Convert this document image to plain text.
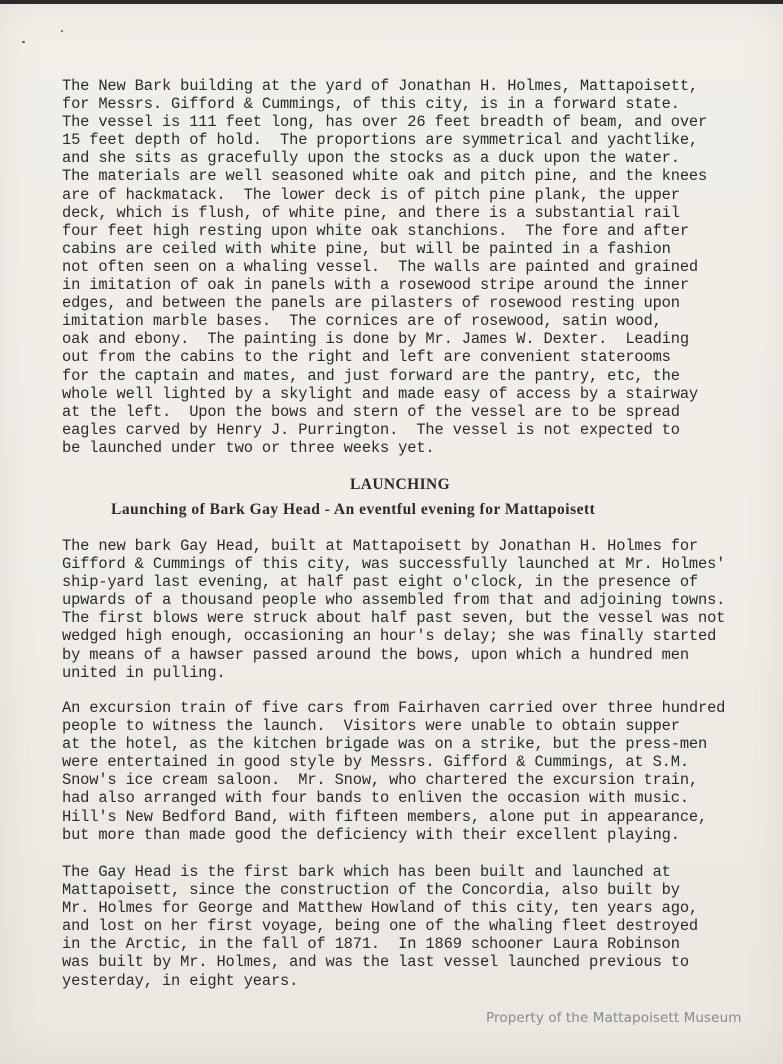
The New Bark building at the yard of Jonathan H. Holmes, Mattapoisett,
for Messrs. Gifford & Cummings, of this city, is in a forward state.
The vessel is 111 feet long, has over 26 feet breadth of beam, and over
15 feet depth of hold.  The proportions are symmetrical and yachtlike,
and she sits as gracefully upon the stocks as a duck upon the water.
The materials are well seasoned white oak and pitch pine, and the knees
are of hackmatack.  The lower deck is of pitch pine plank, the upper
deck, which is flush, of white pine, and there is a substantial rail
four feet high resting upon white oak stanchions.  The fore and after
cabins are ceiled with white pine, but will be painted in a fashion
not often seen on a whaling vessel.  The walls are painted and grained
in imitation of oak in panels with a rosewood stripe around the inner
edges, and between the panels are pilasters of rosewood resting upon
imitation marble bases.  The cornices are of rosewood, satin wood,
oak and ebony.  The painting is done by Mr. James W. Dexter.  Leading
out from the cabins to the right and left are convenient staterooms
for the captain and mates, and just forward are the pantry, etc, the
whole well lighted by a skylight and made easy of access by a stairway
at the left.  Upon the bows and stern of the vessel are to be spread
eagles carved by Henry J. Purrington.  The vessel is not expected to
be launched under two or three weeks yet.

LAUNCHING
Launching of Bark Gay Head - An eventful evening for Mattapoisett

The new bark Gay Head, built at Mattapoisett by Jonathan H. Holmes for
Gifford & Cummings of this city, was successfully launched at Mr. Holmes'
ship-yard last evening, at half past eight o'clock, in the presence of
upwards of a thousand people who assembled from that and adjoining towns.
The first blows were struck about half past seven, but the vessel was not
wedged high enough, occasioning an hour's delay; she was finally started
by means of a hawser passed around the bows, upon which a hundred men
united in pulling.

An excursion train of five cars from Fairhaven carried over three hundred
people to witness the launch.  Visitors were unable to obtain supper
at the hotel, as the kitchen brigade was on a strike, but the press-men
were entertained in good style by Messrs. Gifford & Cummings, at S.M.
Snow's ice cream saloon.  Mr. Snow, who chartered the excursion train,
had also arranged with four bands to enliven the occasion with music.
Hill's New Bedford Band, with fifteen members, alone put in appearance,
but more than made good the deficiency with their excellent playing.

The Gay Head is the first bark which has been built and launched at
Mattapoisett, since the construction of the Concordia, also built by
Mr. Holmes for George and Matthew Howland of this city, ten years ago,
and lost on her first voyage, being one of the whaling fleet destroyed
in the Arctic, in the fall of 1871.  In 1869 schooner Laura Robinson
was built by Mr. Holmes, and was the last vessel launched previous to
yesterday, in eight years.

Property of the Mattapoisett Museum
